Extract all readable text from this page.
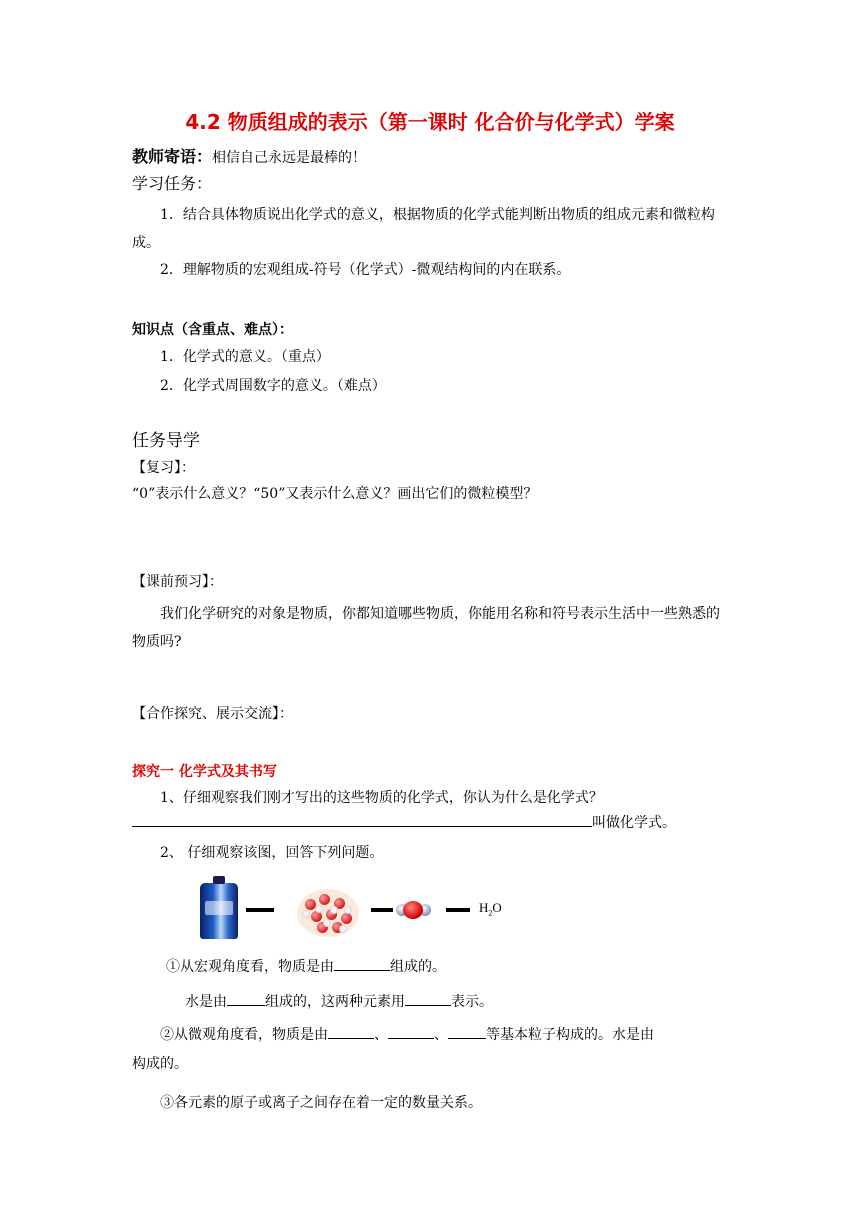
4.2 物质组成的表示（第一课时 化合价与化学式）学案
教师寄语：相信自己永远是最棒的！
学习任务：
1．结合具体物质说出化学式的意义，根据物质的化学式能判断出物质的组成元素和微粒构成。
2．理解物质的宏观组成-符号（化学式）-微观结构间的内在联系。
知识点（含重点、难点）：
1．化学式的意义。（重点）
2．化学式周围数字的意义。（难点）
任务导学
【复习】：
“0”表示什么意义？“50”又表示什么意义？画出它们的微粒模型？
【课前预习】：
我们化学研究的对象是物质，你都知道哪些物质，你能用名称和符号表示生活中一些熟悉的物质吗?
【合作探究、展示交流】：
探究一 化学式及其书写
1、仔细观察我们刚才写出的这些物质的化学式，你认为什么是化学式？
叫做化学式。
2、 仔细观察该图，回答下列问题。
$H_2O$
①从宏观角度看，物质是由	组成的。
水是由	组成的，这两种元素用	表示。
②从微观角度看，物质是由	、	、	等基本粒子构成的。水是由
构成的。
③各元素的原子或离子之间存在着一定的数量关系。
